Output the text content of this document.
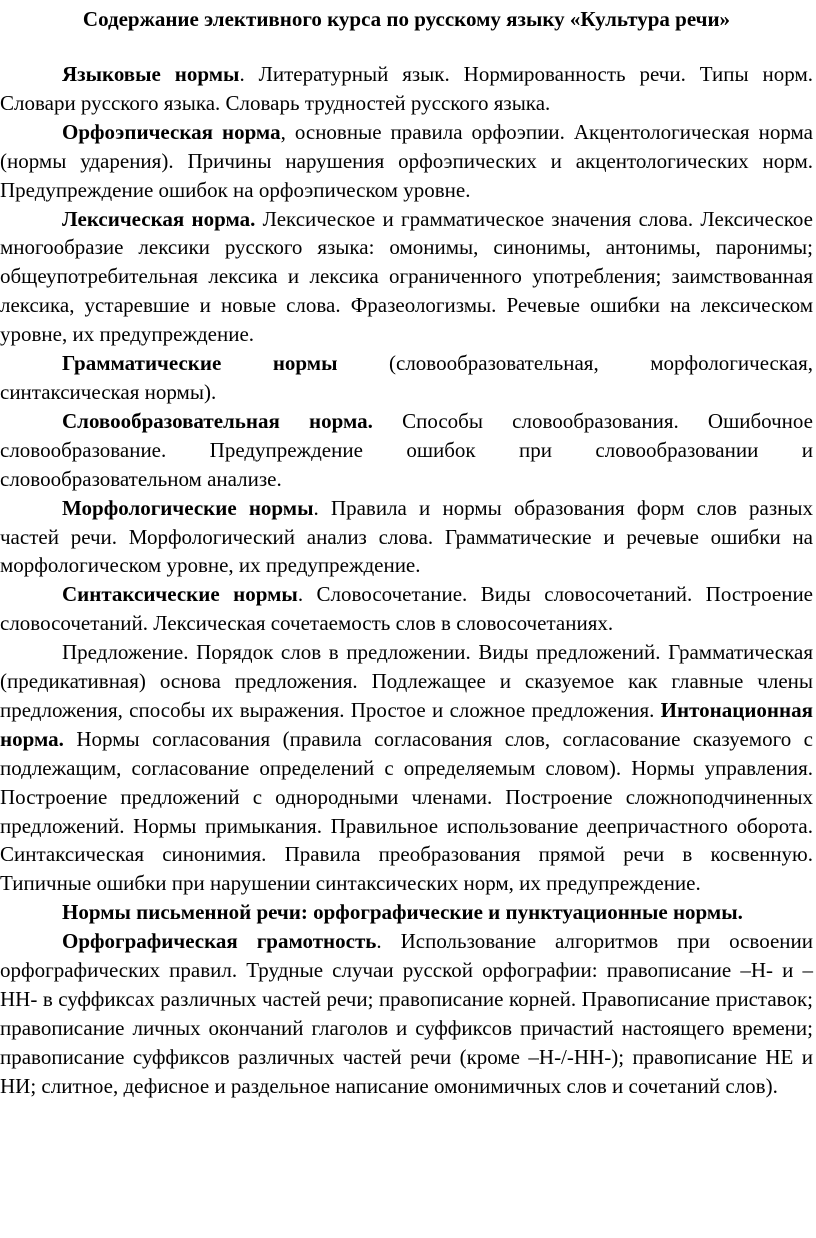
Содержание элективного курса по русскому языку «Культура речи»

Языковые нормы. Литературный язык. Нормированность речи. Типы норм. Словари русского языка. Словарь трудностей русского языка.

Орфоэпическая норма, основные правила орфоэпии. Акцентологическая норма (нормы ударения). Причины нарушения орфоэпических и акцентологических норм. Предупреждение ошибок на орфоэпическом уровне.

Лексическая норма. Лексическое и грамматическое значения слова. Лексическое многообразие лексики русского языка: омонимы, синонимы, антонимы, паронимы; общеупотребительная лексика и лексика ограниченного употребления; заимствованная лексика, устаревшие и новые слова. Фразеологизмы. Речевые ошибки на лексическом уровне, их предупреждение.

Грамматические нормы (словообразовательная, морфологическая, синтаксическая нормы).

Словообразовательная норма. Способы словообразования. Ошибочное словообразование. Предупреждение ошибок при словообразовании и словообразовательном анализе.

Морфологические нормы. Правила и нормы образования форм слов разных частей речи. Морфологический анализ слова. Грамматические и речевые ошибки на морфологическом уровне, их предупреждение.

Синтаксические нормы. Словосочетание. Виды словосочетаний. Построение словосочетаний. Лексическая сочетаемость слов в словосочетаниях.

Предложение. Порядок слов в предложении. Виды предложений. Грамматическая (предикативная) основа предложения. Подлежащее и сказуемое как главные члены предложения, способы их выражения. Простое и сложное предложения. Интонационная норма. Нормы согласования (правила согласования слов, согласование сказуемого с подлежащим, согласование определений с определяемым словом). Нормы управления. Построение предложений с однородными членами. Построение сложноподчиненных предложений. Нормы примыкания. Правильное использование деепричастного оборота. Синтаксическая синонимия. Правила преобразования прямой речи в косвенную. Типичные ошибки при нарушении синтаксических норм, их предупреждение.

Нормы письменной речи: орфографические и пунктуационные нормы.

Орфографическая грамотность. Использование алгоритмов при освоении орфографических правил. Трудные случаи русской орфографии: правописание –Н- и –НН- в суффиксах различных частей речи; правописание корней. Правописание приставок; правописание личных окончаний глаголов и суффиксов причастий настоящего времени; правописание суффиксов различных частей речи (кроме –Н-/-НН-); правописание НЕ и НИ; слитное, дефисное и раздельное написание омонимичных слов и сочетаний слов).
